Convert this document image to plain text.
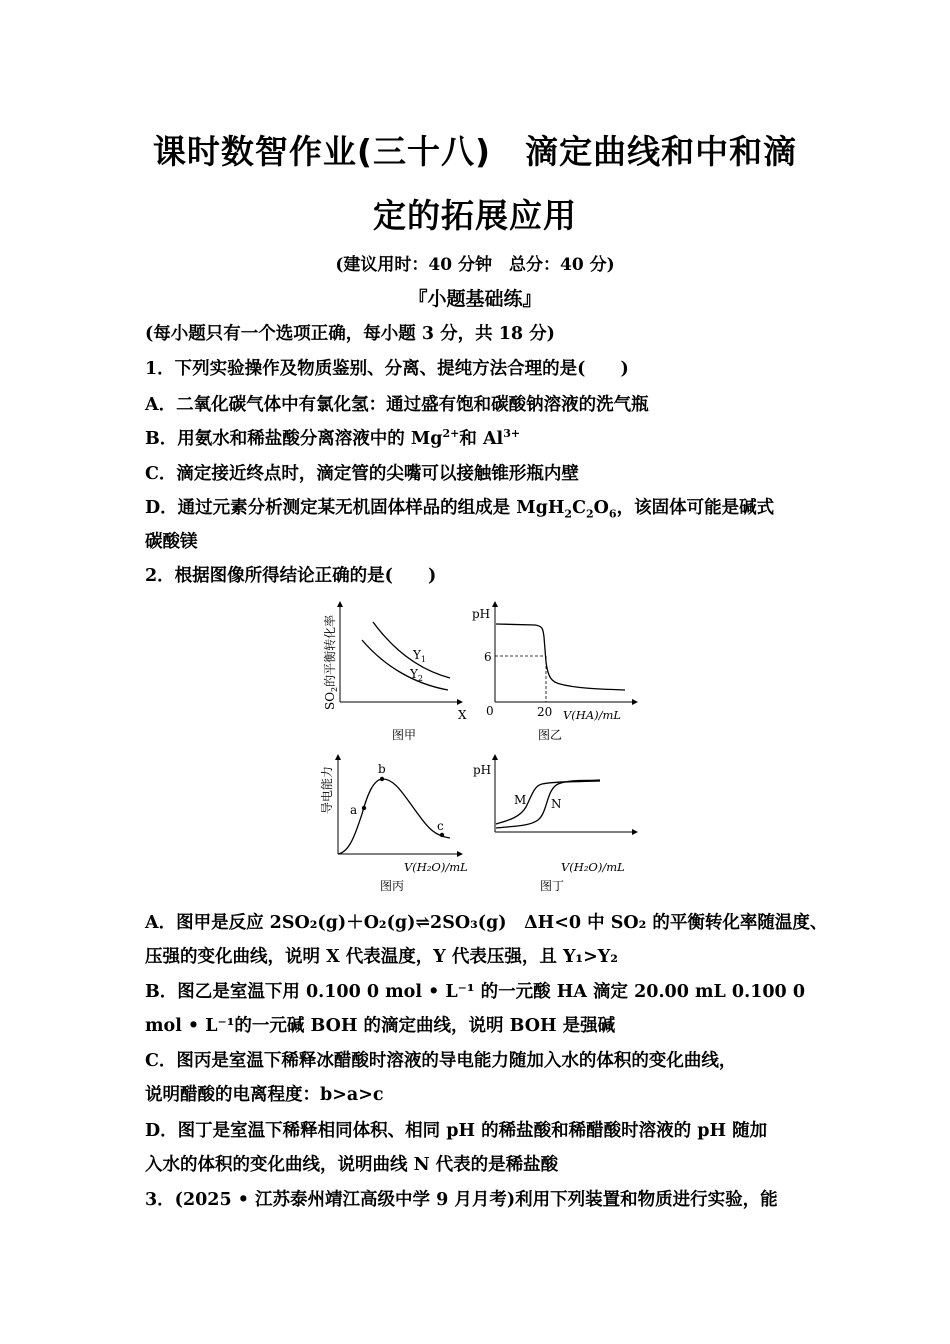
课时数智作业(三十八)　滴定曲线和中和滴
定的拓展应用
(建议用时：40 分钟　总分：40 分)
『小题基础练』
(每小题只有一个选项正确，每小题 3 分，共 18 分)
1．下列实验操作及物质鉴别、分离、提纯方法合理的是(　　)
A．二氧化碳气体中有氯化氢：通过盛有饱和碳酸钠溶液的洗气瓶
B．用氨水和稀盐酸分离溶液中的 $Mg^{2+}$和 $Al^{3+}$
C．滴定接近终点时，滴定管的尖嘴可以接触锥形瓶内壁
D．通过元素分析测定某无机固体样品的组成是 $MgH_2C_2O_6$，该固体可能是碱式
碳酸镁
2．根据图像所得结论正确的是(　　)
$Y_1$
$Y_2$
X
$SO_2$的平衡转化率
图甲
pH
6
0	20 V(HA)/mL
图乙
a
b
c
导电能力
V(H₂O)/mL
图丙
pH
M N
V(H₂O)/mL
图丁
A．图甲是反应 2SO₂(g)＋O₂(g)⇌2SO₃(g)　ΔH<0 中 SO₂ 的平衡转化率随温度、
压强的变化曲线，说明 X 代表温度，Y 代表压强，且 Y₁>Y₂
B．图乙是室温下用 0.100 0 mol • L⁻¹ 的一元酸 HA 滴定 20.00 mL 0.100 0
mol • L⁻¹的一元碱 BOH 的滴定曲线，说明 BOH 是强碱
C．图丙是室温下稀释冰醋酸时溶液的导电能力随加入水的体积的变化曲线，
说明醋酸的电离程度：b>a>c
D．图丁是室温下稀释相同体积、相同 pH 的稀盐酸和稀醋酸时溶液的 pH 随加
入水的体积的变化曲线，说明曲线 N 代表的是稀盐酸
3．(2025 • 江苏泰州靖江高级中学 9 月月考)利用下列装置和物质进行实验，能
